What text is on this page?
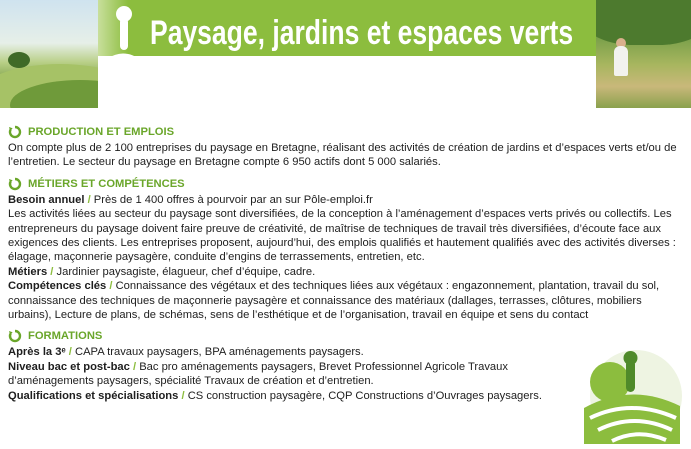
Paysage, jardins et espaces verts
PRODUCTION ET EMPLOIS

On compte plus de 2 100 entreprises du paysage en Bretagne, réalisant des activités de création de jardins et d’espaces verts et/ou de l’entretien. Le secteur du paysage en Bretagne compte 6 950 actifs dont 5 000 salariés.

MÉTIERS ET COMPÉTENCES

Besoin annuel / Près de 1 400 offres à pourvoir par an sur Pôle-emploi.fr

Les activités liées au secteur du paysage sont diversifiées, de la conception à l’aménagement d’espaces verts privés ou collectifs. Les entrepreneurs du paysage doivent faire preuve de créativité, de maîtrise de techniques de travail très diversifiées, d’écoute face aux exigences des clients. Les entreprises proposent, aujourd’hui, des emplois qualifiés et hautement qualifiés avec des activités diverses : élagage, maçonnerie paysagère, conduite d’engins de terrassements, entretien, etc.

Métiers / Jardinier paysagiste, élagueur, chef d’équipe, cadre.

Compétences clés / Connaissance des végétaux et des techniques liées aux végétaux : engazonnement, plantation, travail du sol, connaissance des techniques de maçonnerie paysagère et connaissance des matériaux (dallages, terrasses, clôtures, mobiliers urbains), Lecture de plans, de schémas, sens de l’esthétique et de l’organisation, travail en équipe et sens du contact

FORMATIONS

Après la 3ᵉ / CAPA travaux paysagers, BPA aménagements paysagers.

Niveau bac et post-bac / Bac pro aménagements paysagers, Brevet Professionnel Agricole Travaux d’aménagements paysagers, spécialité Travaux de création et d’entretien.

Qualifications et spécialisations / CS construction paysagère, CQP Constructions d’Ouvrages paysagers.
